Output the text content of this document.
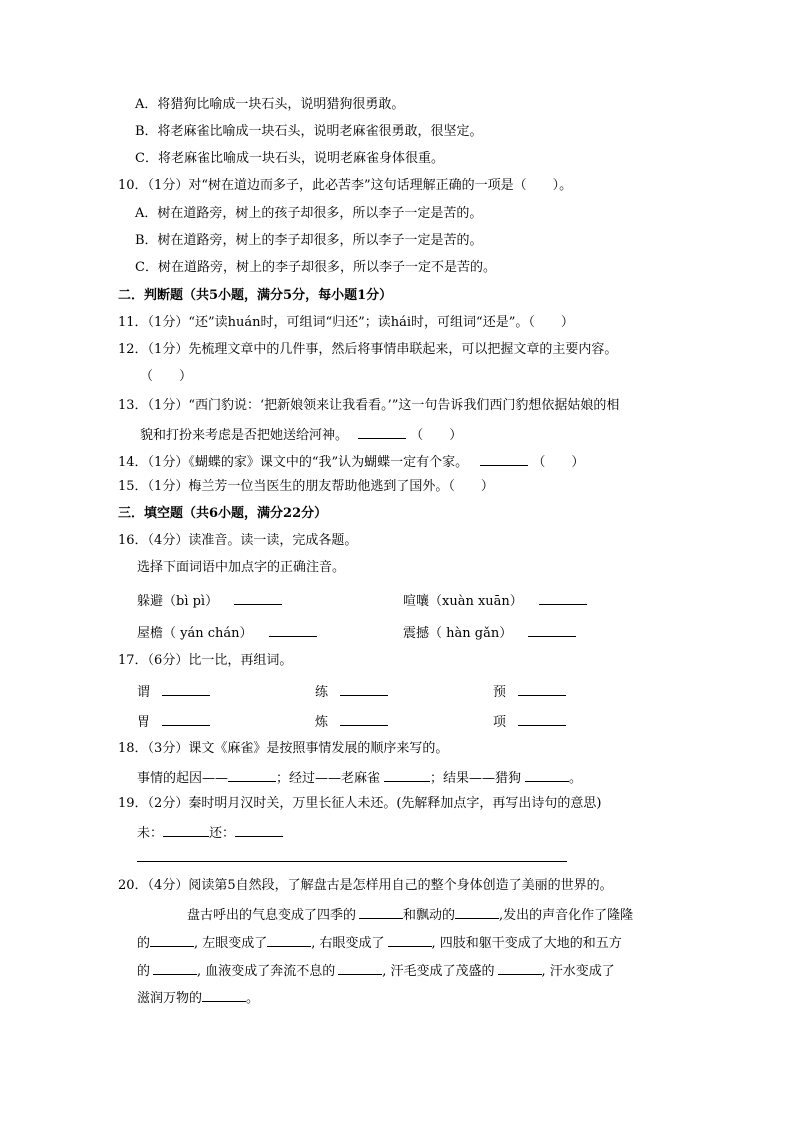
A．将猎狗比喻成一块石头，说明猎狗很勇敢。
B．将老麻雀比喻成一块石头，说明老麻雀很勇敢，很坚定。
C．将老麻雀比喻成一块石头，说明老麻雀身体很重。
10．（1分）对“树在道边而多子，此必苦李”这句话理解正确的一项是（　　）。
A．树在道路旁，树上的孩子却很多，所以李子一定是苦的。
B．树在道路旁，树上的李子却很多，所以李子一定是苦的。
C．树在道路旁，树上的李子却很多，所以李子一定不是苦的。
二．判断题（共5小题，满分5分，每小题1分）
11．（1分）“还”读huán时，可组词“归还”；读hái时，可组词“还是”。（　　）
12．（1分）先梳理文章中的几件事，然后将事情串联起来，可以把握文章的主要内容。
（　　）
13．（1分）“西门豹说：‘把新娘领来让我看看。’”这一句告诉我们西门豹想依据姑娘的相
貌和打扮来考虑是否把她送给河神。	（　　）
14．（1分）《蝴蝶的家》课文中的“我”认为蝴蝶一定有个家。	（　　）
15．（1分）梅兰芳一位当医生的朋友帮助他逃到了国外。（　　）
三．填空题（共6小题，满分22分）
16．（4分）读准音。读一读，完成各题。
选择下面词语中加点字的正确注音。
躲避（bì pì）	喧嚷（xuàn xuān）
屋檐（ yán chán）	震撼（ hàn gǎn）
17．（6分）比一比，再组词。
谓	练	预
胃	炼	项
18．（3分）课文《麻雀》是按照事情发展的顺序来写的。
事情的起因——	；经过——老麻雀	；结果——猎狗	。
19．（2分）秦时明月汉时关，万里长征人未还。(先解释加点字，再写出诗句的意思)
未：	还：
20．（4分）阅读第5自然段，了解盘古是怎样用自己的整个身体创造了美丽的世界的。
盘古呼出的气息变成了四季的	和飘动的	,发出的声音化作了隆隆
的	, 左眼变成了	, 右眼变成了	, 四肢和躯干变成了大地的和五方
的	, 血液变成了奔流不息的	, 汗毛变成了茂盛的	, 汗水变成了
滋润万物的	。
